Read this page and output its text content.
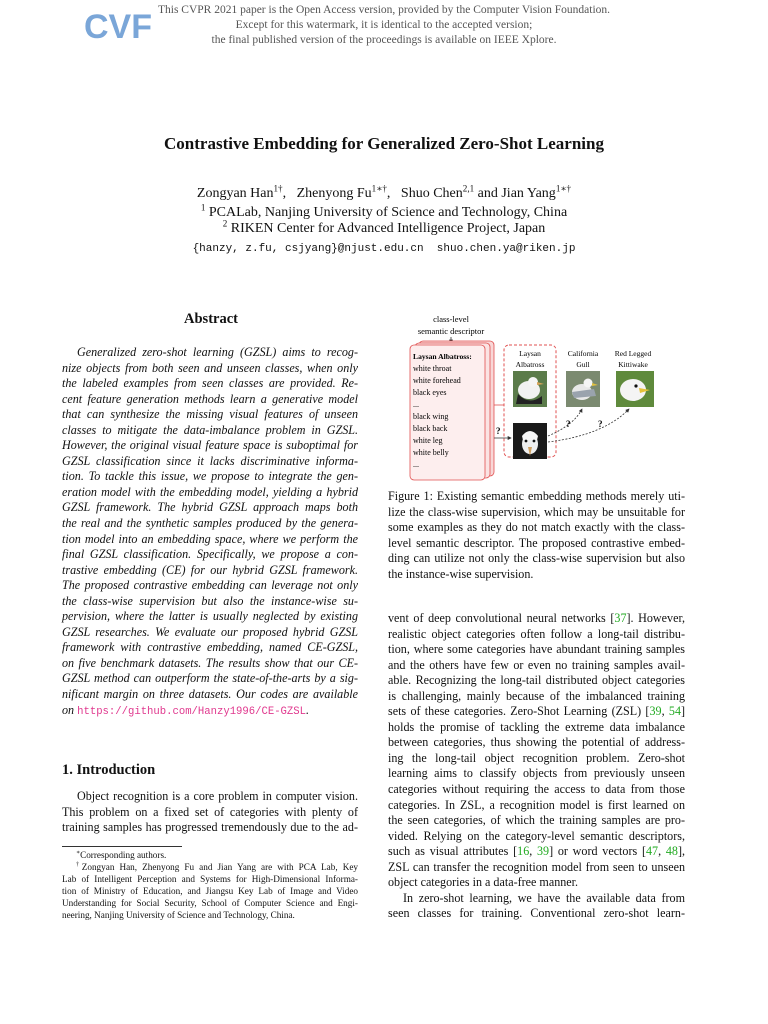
CVF This CVPR 2021 paper is the Open Access version, provided by the Computer Vision Foundation.
Except for this watermark, it is identical to the accepted version;
the final published version of the proceedings is available on IEEE Xplore.
Contrastive Embedding for Generalized Zero-Shot Learning
Zongyan Han$^{1\dagger}$,   Zhenyong $Fu^{1∗\dagger}$,   Shuo Chen$^{2,1}$ and Jian Yang$^{1∗\dagger}$
$^1$ PCALab, Nanjing University of Science and Technology, China
$^2$ RIKEN Center for Advanced Intelligence Project, Japan
{hanzy, z.fu, csjyang}@njust.edu.cn  shuo.chen.ya@riken.jp
Abstract
Generalized zero-shot learning (GZSL) aims to recog-
nize objects from both seen and unseen classes, when only
the labeled examples from seen classes are provided. Re-
cent feature generation methods learn a generative model
that can synthesize the missing visual features of unseen
classes to mitigate the data-imbalance problem in GZSL.
However, the original visual feature space is suboptimal for
GZSL classification since it lacks discriminative informa-
tion. To tackle this issue, we propose to integrate the gen-
eration model with the embedding model, yielding a hybrid
GZSL framework. The hybrid GZSL approach maps both
the real and the synthetic samples produced by the genera-
tion model into an embedding space, where we perform the
final GZSL classification. Specifically, we propose a con-
trastive embedding (CE) for our hybrid GZSL framework.
The proposed contrastive embedding can leverage not only
the class-wise supervision but also the instance-wise su-
pervision, where the latter is usually neglected by existing
GZSL researches. We evaluate our proposed hybrid GZSL
framework with contrastive embedding, named CE-GZSL,
on five benchmark datasets. The results show that our CE-
GZSL method can outperform the state-of-the-arts by a sig-
nificant margin on three datasets. Our codes are available
on https://github.com/Hanzy1996/CE-GZSL.
1. Introduction
Object recognition is a core problem in computer vision.
This problem on a fixed set of categories with plenty of
training samples has progressed tremendously due to the ad-
∗Corresponding authors.
†Zongyan Han, Zhenyong Fu and Jian Yang are with PCA Lab, Key
Lab of Intelligent Perception and Systems for High-Dimensional Informa-
tion of Ministry of Education, and Jiangsu Key Lab of Image and Video
Understanding for Social Security, School of Computer Science and Engi-
neering, Nanjing University of Science and Technology, China.
class-level
semantic descriptor
Laysan Albatross:
white throat
white forehead
black eyes
...
black wing
black back
white leg
white belly
...
Laysan
Albatross
California
Gull
Red Legged
Kittiwake
?
?	?
Figure 1: Existing semantic embedding methods merely uti-
lize the class-wise supervision, which may be unsuitable for
some examples as they do not match exactly with the class-
level semantic descriptor. The proposed contrastive embed-
ding can utilize not only the class-wise supervision but also
the instance-wise supervision.
vent of deep convolutional neural networks [37]. However,
realistic object categories often follow a long-tail distribu-
tion, where some categories have abundant training samples
and the others have few or even no training samples avail-
able. Recognizing the long-tail distributed object categories
is challenging, mainly because of the imbalanced training
sets of these categories. Zero-Shot Learning (ZSL) [39, 54]
holds the promise of tackling the extreme data imbalance
between categories, thus showing the potential of address-
ing the long-tail object recognition problem. Zero-shot
learning aims to classify objects from previously unseen
categories without requiring the access to data from those
categories. In ZSL, a recognition model is first learned on
the seen categories, of which the training samples are pro-
vided. Relying on the category-level semantic descriptors,
such as visual attributes [16, 39] or word vectors [47, 48],
ZSL can transfer the recognition model from seen to unseen
object categories in a data-free manner.
In zero-shot learning, we have the available data from
seen classes for training. Conventional zero-shot learn-
